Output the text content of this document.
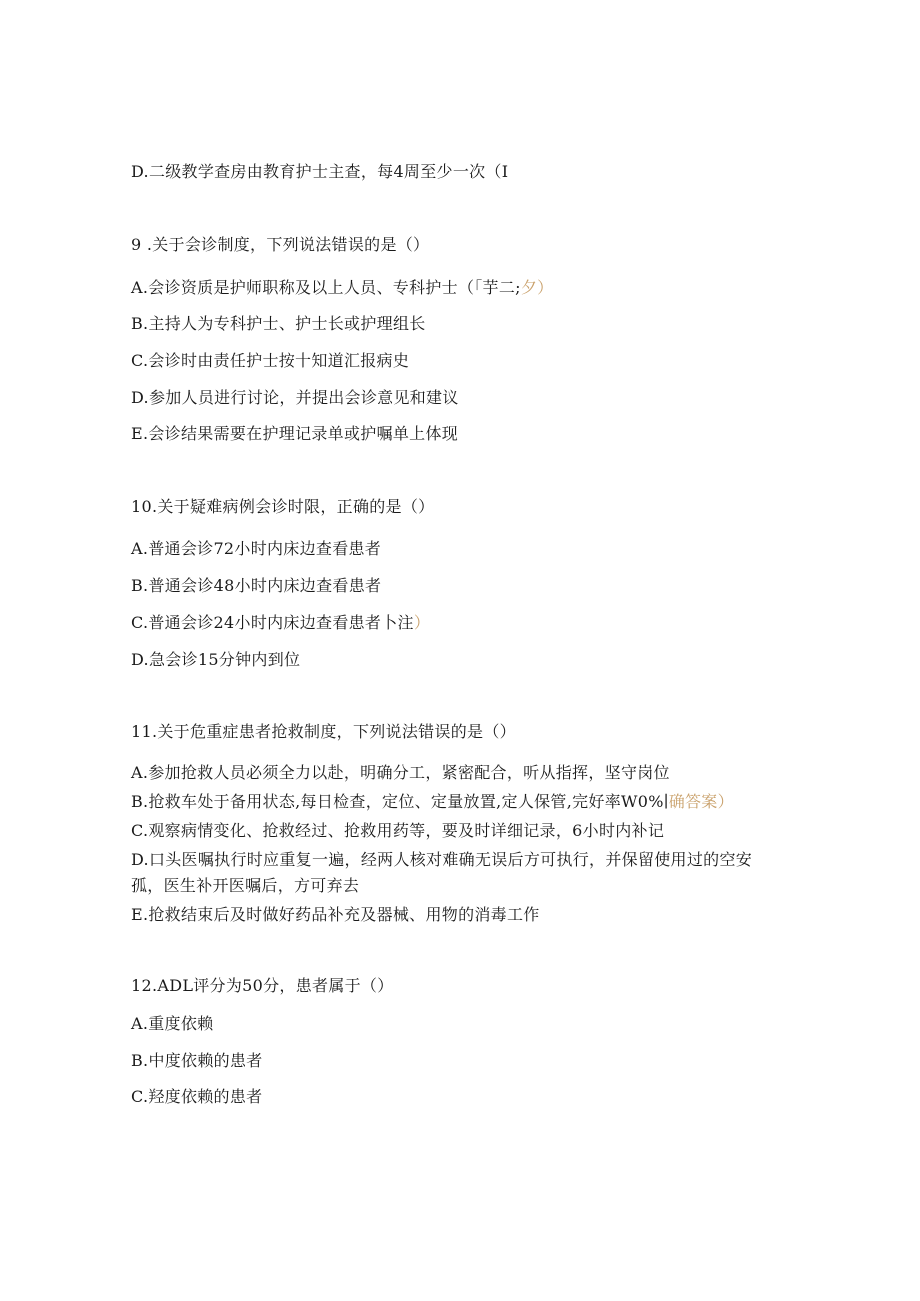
D.二级教学查房由教育护士主查，每4周至少一次（I
9 .关于会诊制度，下列说法错误的是（）
A.会诊资质是护师职称及以上人员、专科护士（「芋二;夕）
B.主持人为专科护士、护士长或护理组长
C.会诊时由责任护士按十知道汇报病史
D.参加人员进行讨论，并提出会诊意见和建议
E.会诊结果需要在护理记录单或护嘱单上体现
10.关于疑难病例会诊时限，正确的是（）
A.普通会诊72小时内床边查看患者
B.普通会诊48小时内床边查看患者
C.普通会诊24小时内床边查看患者卜注）
D.急会诊15分钟内到位
11.关于危重症患者抢救制度，下列说法错误的是（）
A.参加抢救人员必须全力以赴，明确分工，紧密配合，听从指挥，坚守岗位
B.抢救车处于备用状态,每日检查，定位、定量放置,定人保管,完好率W0%∣确答案）
C.观察病情变化、抢救经过、抢救用药等，要及时详细记录，6小时内补记
D.口头医嘱执行时应重复一遍，经两人核对难确无误后方可执行，并保留使用过的空安
孤，医生补开医嘱后，方可弃去
E.抢救结束后及时做好药品补充及器械、用物的消毒工作
12.ADL评分为50分，患者属于（）
A.重度依赖
B.中度依赖的患者
C.羟度依赖的患者
